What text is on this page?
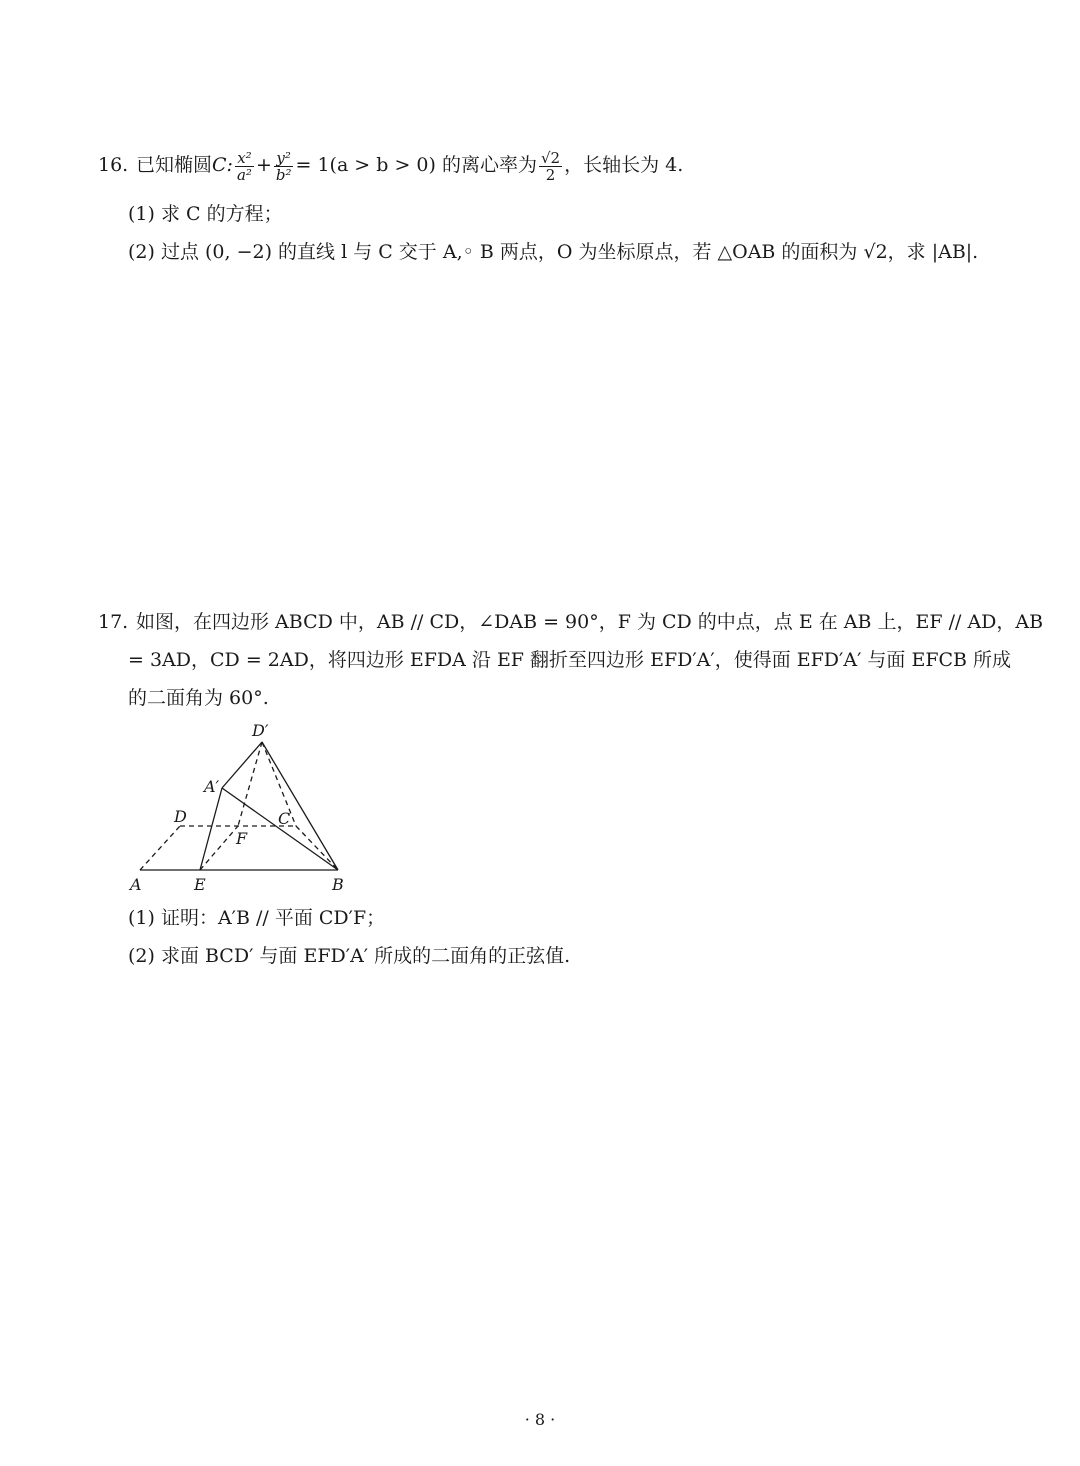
16. 已知椭圆C: $\frac{\text{x²}}{\text{a²}} + \frac{\text{y²}}{\text{b²}} = 1(a > b > 0)$ 的离心率为 $\frac{√2}{2}$ ，长轴长为 4.
(1) 求 C 的方程；
(2) 过点 (0, −2) 的直线 l 与 C 交于 A,◦ B 两点，O 为坐标原点，若 △OAB 的面积为 √2，求 |AB|.
17. 如图，在四边形 ABCD 中，AB // CD，∠DAB = 90°，F 为 CD 的中点，点 E 在 AB 上，EF // AD，AB
= 3AD，CD = 2AD，将四边形 EFDA 沿 EF 翻折至四边形 EFD′A′，使得面 EFD′A′ 与面 EFCB 所成
的二面角为 60°.
D′
A′
D	C
F
A	E	B
(1) 证明：A′B // 平面 CD′F；
(2) 求面 BCD′ 与面 EFD′A′ 所成的二面角的正弦值.
· 8 ·
